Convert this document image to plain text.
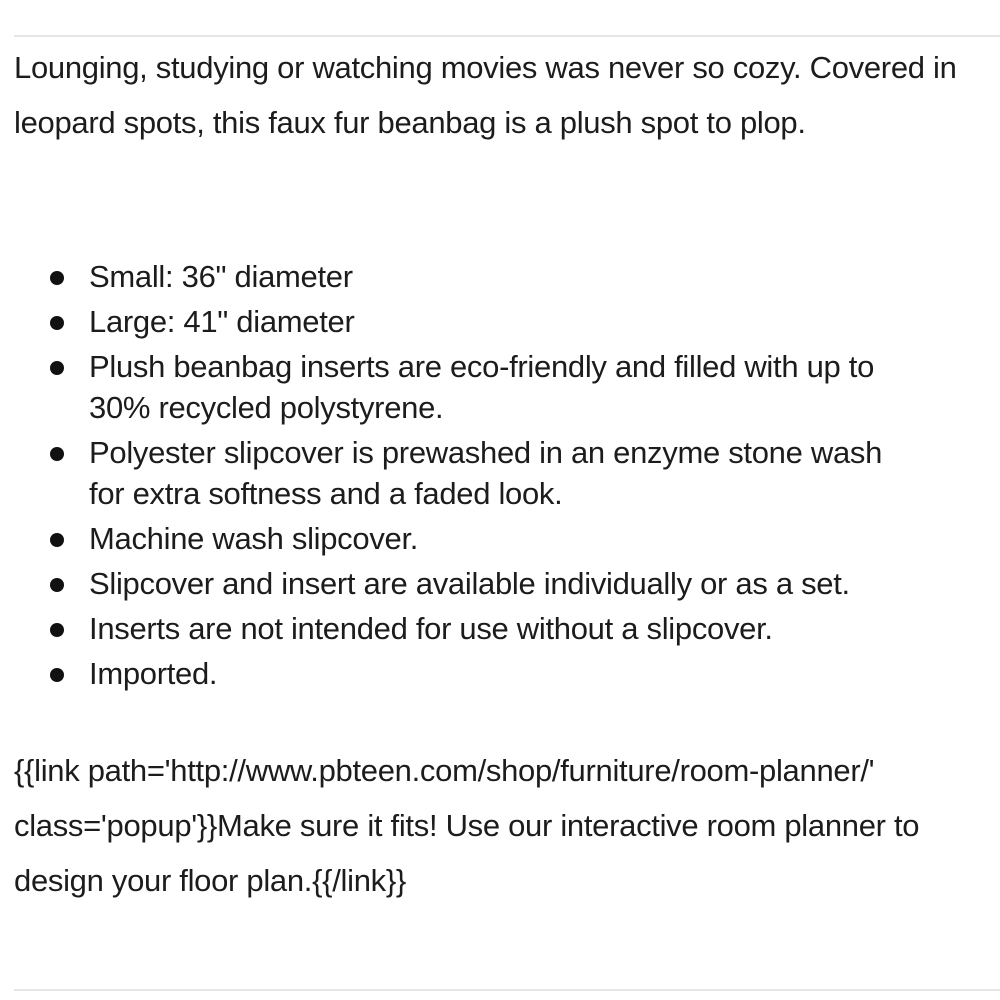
Lounging, studying or watching movies was never so cozy. Covered in leopard spots, this faux fur beanbag is a plush spot to plop.

Small: 36" diameter
Large: 41" diameter
Plush beanbag inserts are eco-friendly and filled with up to 30% recycled polystyrene.
Polyester slipcover is prewashed in an enzyme stone wash for extra softness and a faded look.
Machine wash slipcover.
Slipcover and insert are available individually or as a set.
Inserts are not intended for use without a slipcover.
Imported.

{{link path='http://www.pbteen.com/shop/furniture/room-planner/' class='popup'}}Make sure it fits! Use our interactive room planner to design your floor plan.{{/link}}
